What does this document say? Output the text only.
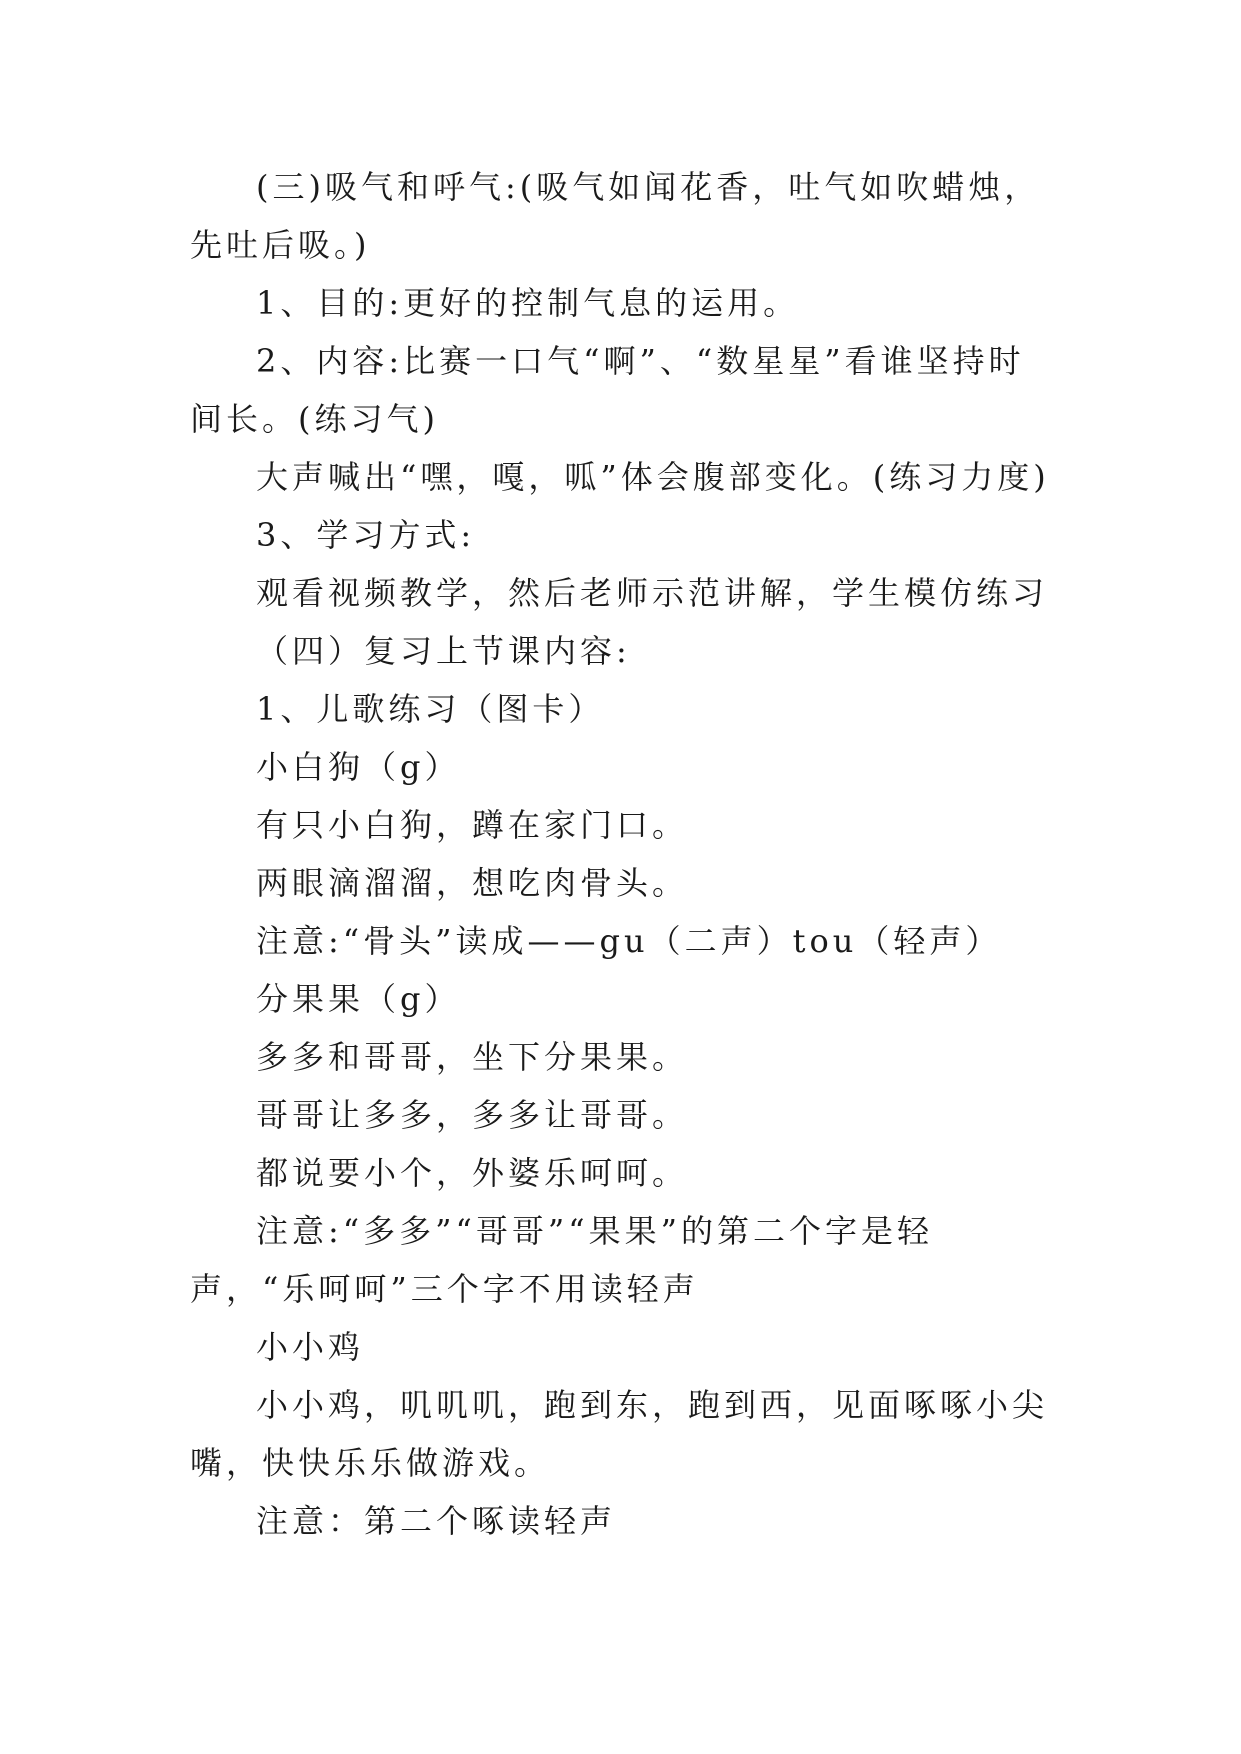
(三)吸气和呼气:(吸气如闻花香，吐气如吹蜡烛，先吐后吸。)

1、目的:更好的控制气息的运用。

2、内容:比赛一口气“啊”、“数星星”看谁坚持时间长。(练习气)

大声喊出“嘿，嘎，呱”体会腹部变化。(练习力度)

3、学习方式:

观看视频教学，然后老师示范讲解，学生模仿练习

（四）复习上节课内容:

1、儿歌练习（图卡）

小白狗（g）

有只小白狗，蹲在家门口。

两眼滴溜溜，想吃肉骨头。

注意:“骨头”读成——gu（二声）tou（轻声）

分果果（g）

多多和哥哥，坐下分果果。

哥哥让多多，多多让哥哥。

都说要小个，外婆乐呵呵。

注意:“多多”“哥哥”“果果”的第二个字是轻声，“乐呵呵”三个字不用读轻声

小小鸡

小小鸡，叽叽叽，跑到东，跑到西，见面啄啄小尖嘴，快快乐乐做游戏。

注意：第二个啄读轻声
